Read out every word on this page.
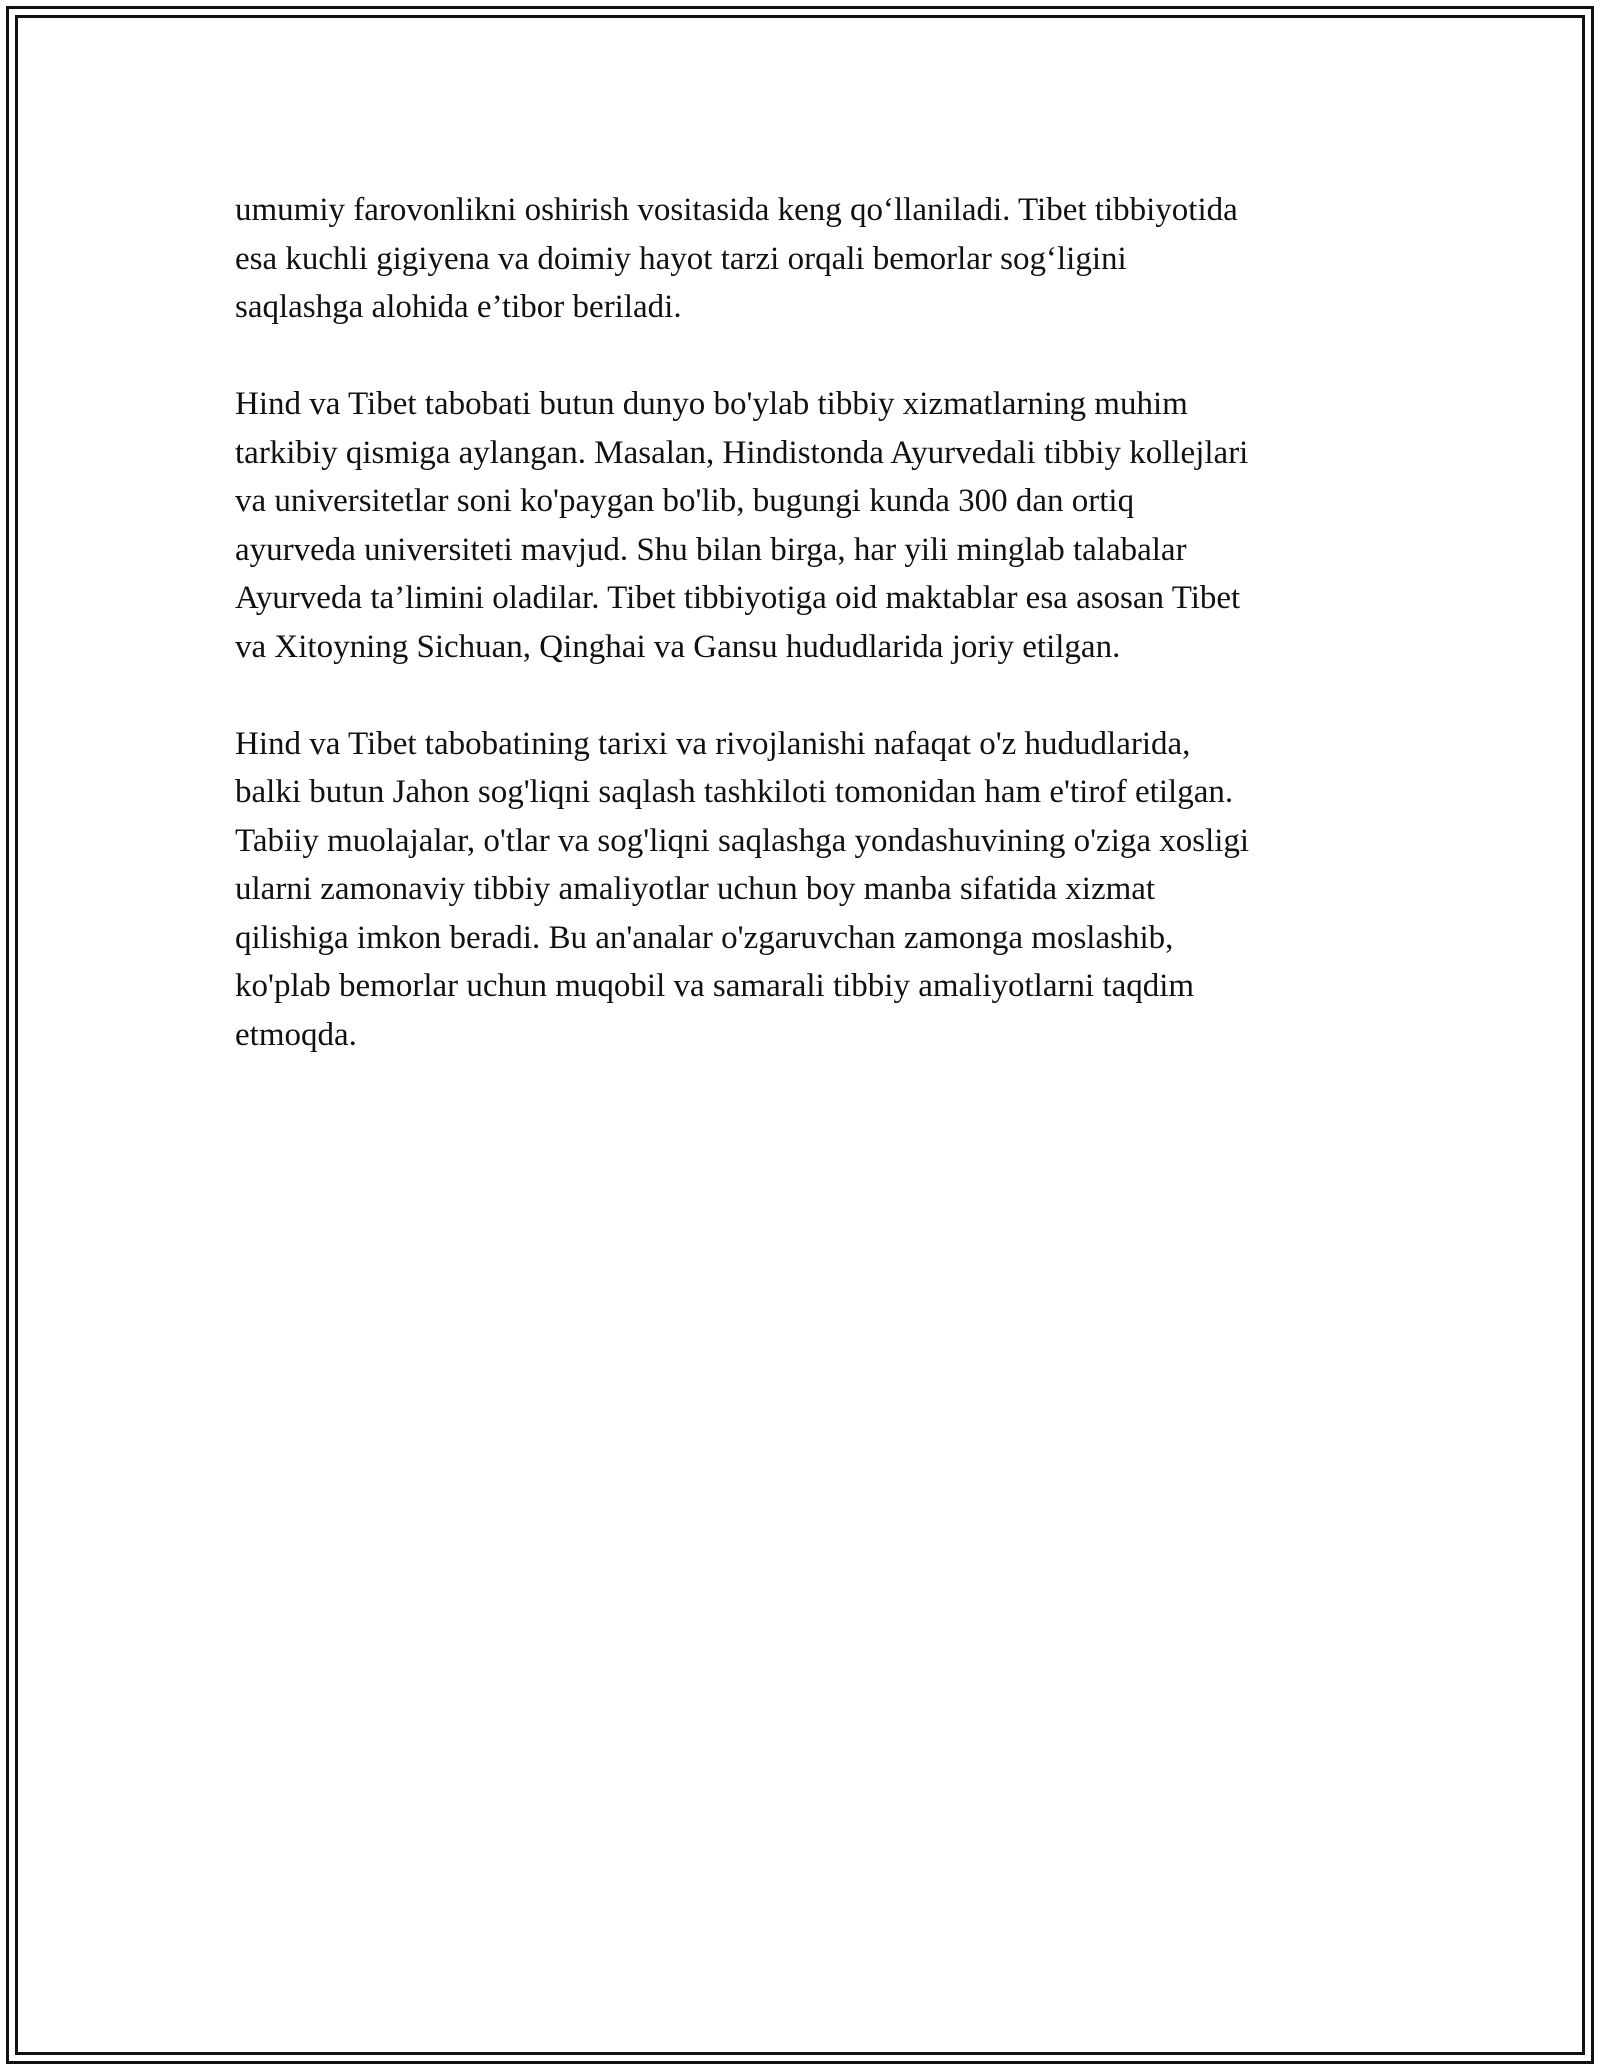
umumiy farovonlikni oshirish vositasida keng qo‘llaniladi. Tibet tibbiyotida
esa kuchli gigiyena va doimiy hayot tarzi orqali bemorlar sog‘ligini
saqlashga alohida e’tibor beriladi.

Hind va Tibet tabobati butun dunyo bo'ylab tibbiy xizmatlarning muhim
tarkibiy qismiga aylangan. Masalan, Hindistonda Ayurvedali tibbiy kollejlari
va universitetlar soni ko'paygan bo'lib, bugungi kunda 300 dan ortiq
ayurveda universiteti mavjud. Shu bilan birga, har yili minglab talabalar
Ayurveda ta’limini oladilar. Tibet tibbiyotiga oid maktablar esa asosan Tibet
va Xitoyning Sichuan, Qinghai va Gansu hududlarida joriy etilgan.

Hind va Tibet tabobatining tarixi va rivojlanishi nafaqat o'z hududlarida,
balki butun Jahon sog'liqni saqlash tashkiloti tomonidan ham e'tirof etilgan.
Tabiiy muolajalar, o'tlar va sog'liqni saqlashga yondashuvining o'ziga xosligi
ularni zamonaviy tibbiy amaliyotlar uchun boy manba sifatida xizmat
qilishiga imkon beradi. Bu an'analar o'zgaruvchan zamonga moslashib,
ko'plab bemorlar uchun muqobil va samarali tibbiy amaliyotlarni taqdim
etmoqda.
